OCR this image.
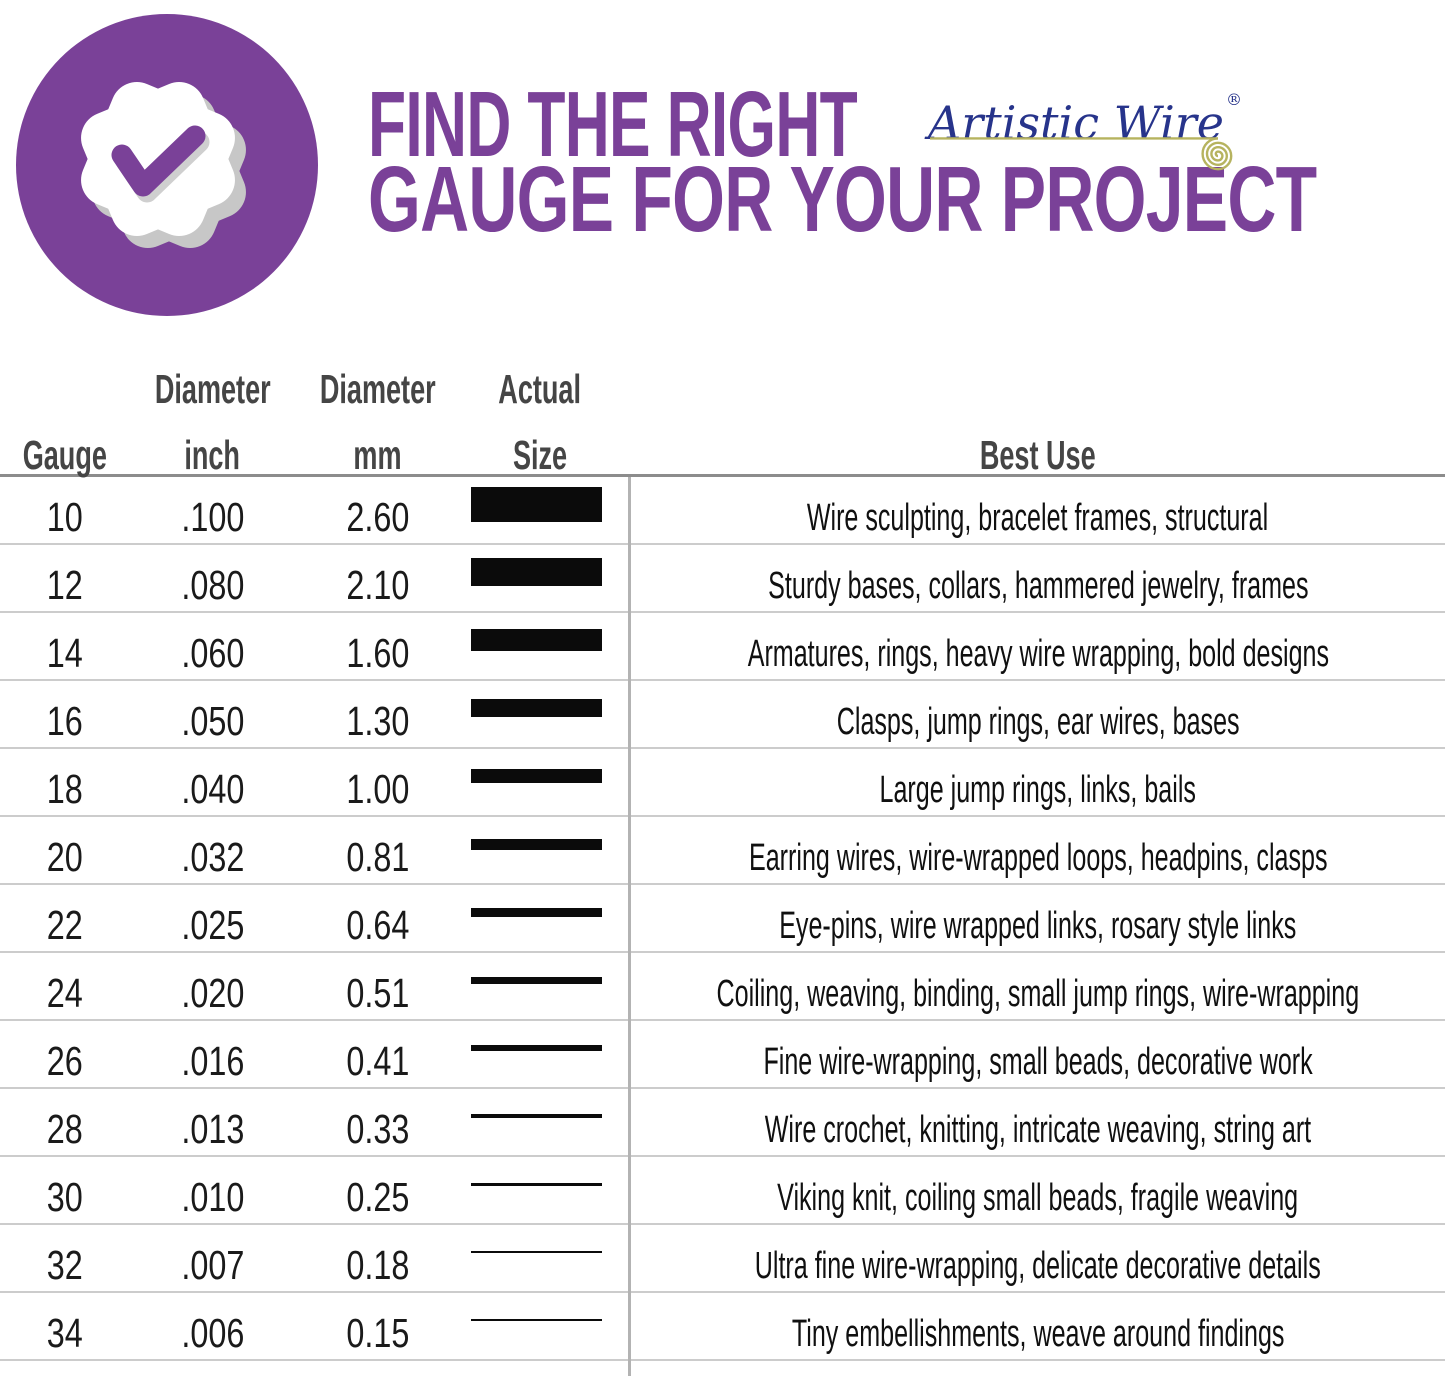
FIND THE RIGHT
GAUGE FOR YOUR PROJECT
Artistic Wire ®
Diameter Diameter Actual
Gauge inch	mm	Size	Best Use
10 .100 2.60	Wire sculpting, bracelet frames, structural
12 .080 2.10	Sturdy bases, collars, hammered jewelry, frames
14 .060 1.60	Armatures, rings, heavy wire wrapping, bold designs
16 .050 1.30	Clasps, jump rings, ear wires, bases
18 .040 1.00	Large jump rings, links, bails
20 .032 0.81	Earring wires, wire-wrapped loops, headpins, clasps
22 .025 0.64	Eye-pins, wire wrapped links, rosary style links
24 .020 0.51	Coiling, weaving, binding, small jump rings, wire-wrapping
26 .016 0.41	Fine wire-wrapping, small beads, decorative work
28 .013 0.33	Wire crochet, knitting, intricate weaving, string art
30 .010 0.25	Viking knit, coiling small beads, fragile weaving
32 .007 0.18	Ultra fine wire-wrapping, delicate decorative details
34 .006 0.15	Tiny embellishments, weave around findings
